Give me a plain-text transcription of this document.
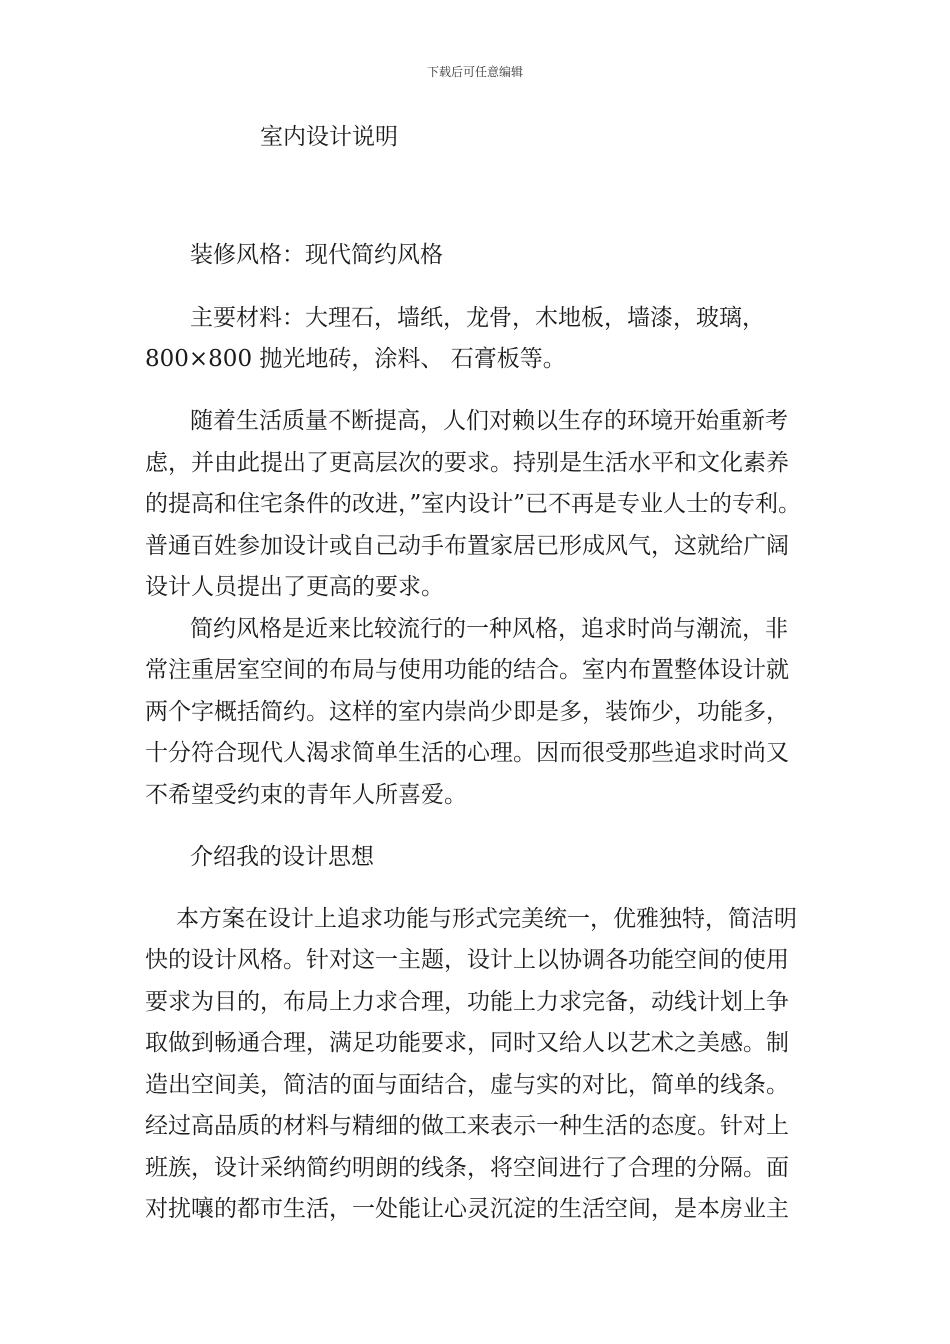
下载后可任意编辑
室内设计说明
装修风格：现代简约风格
主要材料：大理石，墙纸，龙骨，木地板，墙漆，玻璃，
800×800 抛光地砖，涂料、 石膏板等。
随着生活质量不断提高，人们对赖以生存的环境开始重新考
虑，并由此提出了更高层次的要求。持别是生活水平和文化素养
的提高和住宅条件的改进，”室内设计”已不再是专业人士的专利。
普通百姓参加设计或自己动手布置家居已形成风气，这就给广阔
设计人员提出了更高的要求。
简约风格是近来比较流行的一种风格，追求时尚与潮流，非
常注重居室空间的布局与使用功能的结合。室内布置整体设计就
两个字概括简约。这样的室内崇尚少即是多，装饰少，功能多，
十分符合现代人渴求简单生活的心理。因而很受那些追求时尚又
不希望受约束的青年人所喜爱。
介绍我的设计思想
本方案在设计上追求功能与形式完美统一，优雅独特，简洁明
快的设计风格。针对这一主题，设计上以协调各功能空间的使用
要求为目的，布局上力求合理，功能上力求完备，动线计划上争
取做到畅通合理，满足功能要求，同时又给人以艺术之美感。制
造出空间美，简洁的面与面结合，虚与实的对比，简单的线条。
经过高品质的材料与精细的做工来表示一种生活的态度。针对上
班族，设计采纳简约明朗的线条，将空间进行了合理的分隔。面
对扰嚷的都市生活，一处能让心灵沉淀的生活空间，是本房业主
